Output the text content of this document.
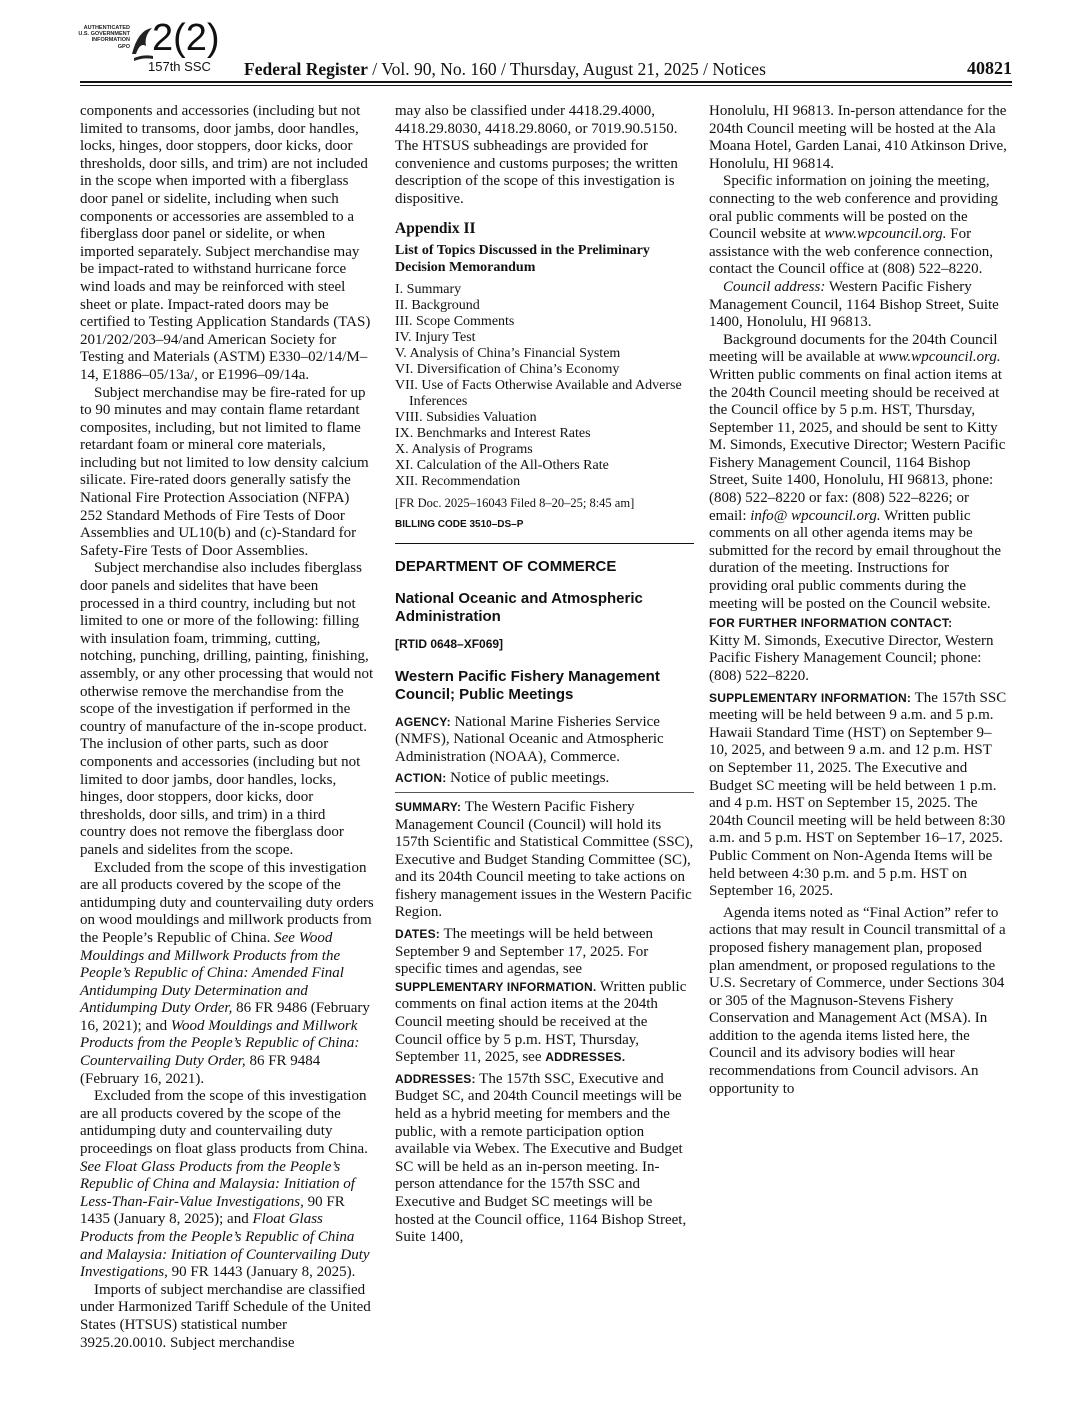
AUTHENTICATED
U.S. GOVERNMENT
INFORMATION
GPO 2(2)
157th SSC Federal Register / Vol. 90, No. 160 / Thursday, August 21, 2025 / Notices	40821

components and accessories (including but not limited to transoms, door jambs, door handles, locks, hinges, door stoppers, door kicks, door thresholds, door sills, and trim) are not included in the scope when imported with a fiberglass door panel or sidelite, including when such components or accessories are assembled to a fiberglass door panel or sidelite, or when imported separately. Subject merchandise may be impact-rated to withstand hurricane force wind loads and may be reinforced with steel sheet or plate. Impact-rated doors may be certified to Testing Application Standards (TAS) 201/202/203–94/and American Society for Testing and Materials (ASTM) E330–02/14/M–14, E1886–05/13a/, or E1996–09/14a.

Subject merchandise may be fire-rated for up to 90 minutes and may contain flame retardant composites, including, but not limited to flame retardant foam or mineral core materials, including but not limited to low density calcium silicate. Fire-rated doors generally satisfy the National Fire Protection Association (NFPA) 252 Standard Methods of Fire Tests of Door Assemblies and UL10(b) and (c)-Standard for Safety-Fire Tests of Door Assemblies.

Subject merchandise also includes fiberglass door panels and sidelites that have been processed in a third country, including but not limited to one or more of the following: filling with insulation foam, trimming, cutting, notching, punching, drilling, painting, finishing, assembly, or any other processing that would not otherwise remove the merchandise from the scope of the investigation if performed in the country of manufacture of the in-scope product. The inclusion of other parts, such as door components and accessories (including but not limited to door jambs, door handles, locks, hinges, door stoppers, door kicks, door thresholds, door sills, and trim) in a third country does not remove the fiberglass door panels and sidelites from the scope.

Excluded from the scope of this investigation are all products covered by the scope of the antidumping duty and countervailing duty orders on wood mouldings and millwork products from the People’s Republic of China. See Wood Mouldings and Millwork Products from the People’s Republic of China: Amended Final Antidumping Duty Determination and Antidumping Duty Order, 86 FR 9486 (February 16, 2021); and Wood Mouldings and Millwork Products from the People’s Republic of China: Countervailing Duty Order, 86 FR 9484 (February 16, 2021).

Excluded from the scope of this investigation are all products covered by the scope of the antidumping duty and countervailing duty proceedings on float glass products from China. See Float Glass Products from the People’s Republic of China and Malaysia: Initiation of Less-Than-Fair-Value Investigations, 90 FR 1435 (January 8, 2025); and Float Glass Products from the People’s Republic of China and Malaysia: Initiation of Countervailing Duty Investigations, 90 FR 1443 (January 8, 2025).

Imports of subject merchandise are classified under Harmonized Tariff Schedule of the United States (HTSUS) statistical number 3925.20.0010. Subject merchandise

may also be classified under 4418.29.4000, 4418.29.8030, 4418.29.8060, or 7019.90.5150. The HTSUS subheadings are provided for convenience and customs purposes; the written description of the scope of this investigation is dispositive.

Appendix II

List of Topics Discussed in the Preliminary Decision Memorandum

I. Summary
II. Background
III. Scope Comments
IV. Injury Test
V. Analysis of China’s Financial System
VI. Diversification of China’s Economy
VII. Use of Facts Otherwise Available and Adverse Inferences
VIII. Subsidies Valuation
IX. Benchmarks and Interest Rates
X. Analysis of Programs
XI. Calculation of the All-Others Rate
XII. Recommendation

[FR Doc. 2025–16043 Filed 8–20–25; 8:45 am]

BILLING CODE 3510–DS–P

DEPARTMENT OF COMMERCE

National Oceanic and Atmospheric Administration

[RTID 0648–XF069]

Western Pacific Fishery Management Council; Public Meetings

AGENCY: National Marine Fisheries Service (NMFS), National Oceanic and Atmospheric Administration (NOAA), Commerce.

ACTION: Notice of public meetings.

SUMMARY: The Western Pacific Fishery Management Council (Council) will hold its 157th Scientific and Statistical Committee (SSC), Executive and Budget Standing Committee (SC), and its 204th Council meeting to take actions on fishery management issues in the Western Pacific Region.

DATES: The meetings will be held between September 9 and September 17, 2025. For specific times and agendas, see SUPPLEMENTARY INFORMATION. Written public comments on final action items at the 204th Council meeting should be received at the Council office by 5 p.m. HST, Thursday, September 11, 2025, see ADDRESSES.

ADDRESSES: The 157th SSC, Executive and Budget SC, and 204th Council meetings will be held as a hybrid meeting for members and the public, with a remote participation option available via Webex. The Executive and Budget SC will be held as an in-person meeting. In-person attendance for the 157th SSC and Executive and Budget SC meetings will be hosted at the Council office, 1164 Bishop Street, Suite 1400,

Honolulu, HI 96813. In-person attendance for the 204th Council meeting will be hosted at the Ala Moana Hotel, Garden Lanai, 410 Atkinson Drive, Honolulu, HI 96814.

Specific information on joining the meeting, connecting to the web conference and providing oral public comments will be posted on the Council website at www.wpcouncil.org. For assistance with the web conference connection, contact the Council office at (808) 522–8220.

Council address: Western Pacific Fishery Management Council, 1164 Bishop Street, Suite 1400, Honolulu, HI 96813.

Background documents for the 204th Council meeting will be available at www.wpcouncil.org. Written public comments on final action items at the 204th Council meeting should be received at the Council office by 5 p.m. HST, Thursday, September 11, 2025, and should be sent to Kitty M. Simonds, Executive Director; Western Pacific Fishery Management Council, 1164 Bishop Street, Suite 1400, Honolulu, HI 96813, phone: (808) 522–8220 or fax: (808) 522–8226; or email: info@ wpcouncil.org. Written public comments on all other agenda items may be submitted for the record by email throughout the duration of the meeting. Instructions for providing oral public comments during the meeting will be posted on the Council website.

FOR FURTHER INFORMATION CONTACT:
Kitty M. Simonds, Executive Director, Western Pacific Fishery Management Council; phone: (808) 522–8220.

SUPPLEMENTARY INFORMATION: The 157th SSC meeting will be held between 9 a.m. and 5 p.m. Hawaii Standard Time (HST) on September 9–10, 2025, and between 9 a.m. and 12 p.m. HST on September 11, 2025. The Executive and Budget SC meeting will be held between 1 p.m. and 4 p.m. HST on September 15, 2025. The 204th Council meeting will be held between 8:30 a.m. and 5 p.m. HST on September 16–17, 2025. Public Comment on Non-Agenda Items will be held between 4:30 p.m. and 5 p.m. HST on September 16, 2025.

Agenda items noted as “Final Action” refer to actions that may result in Council transmittal of a proposed fishery management plan, proposed plan amendment, or proposed regulations to the U.S. Secretary of Commerce, under Sections 304 or 305 of the Magnuson-Stevens Fishery Conservation and Management Act (MSA). In addition to the agenda items listed here, the Council and its advisory bodies will hear recommendations from Council advisors. An opportunity to
